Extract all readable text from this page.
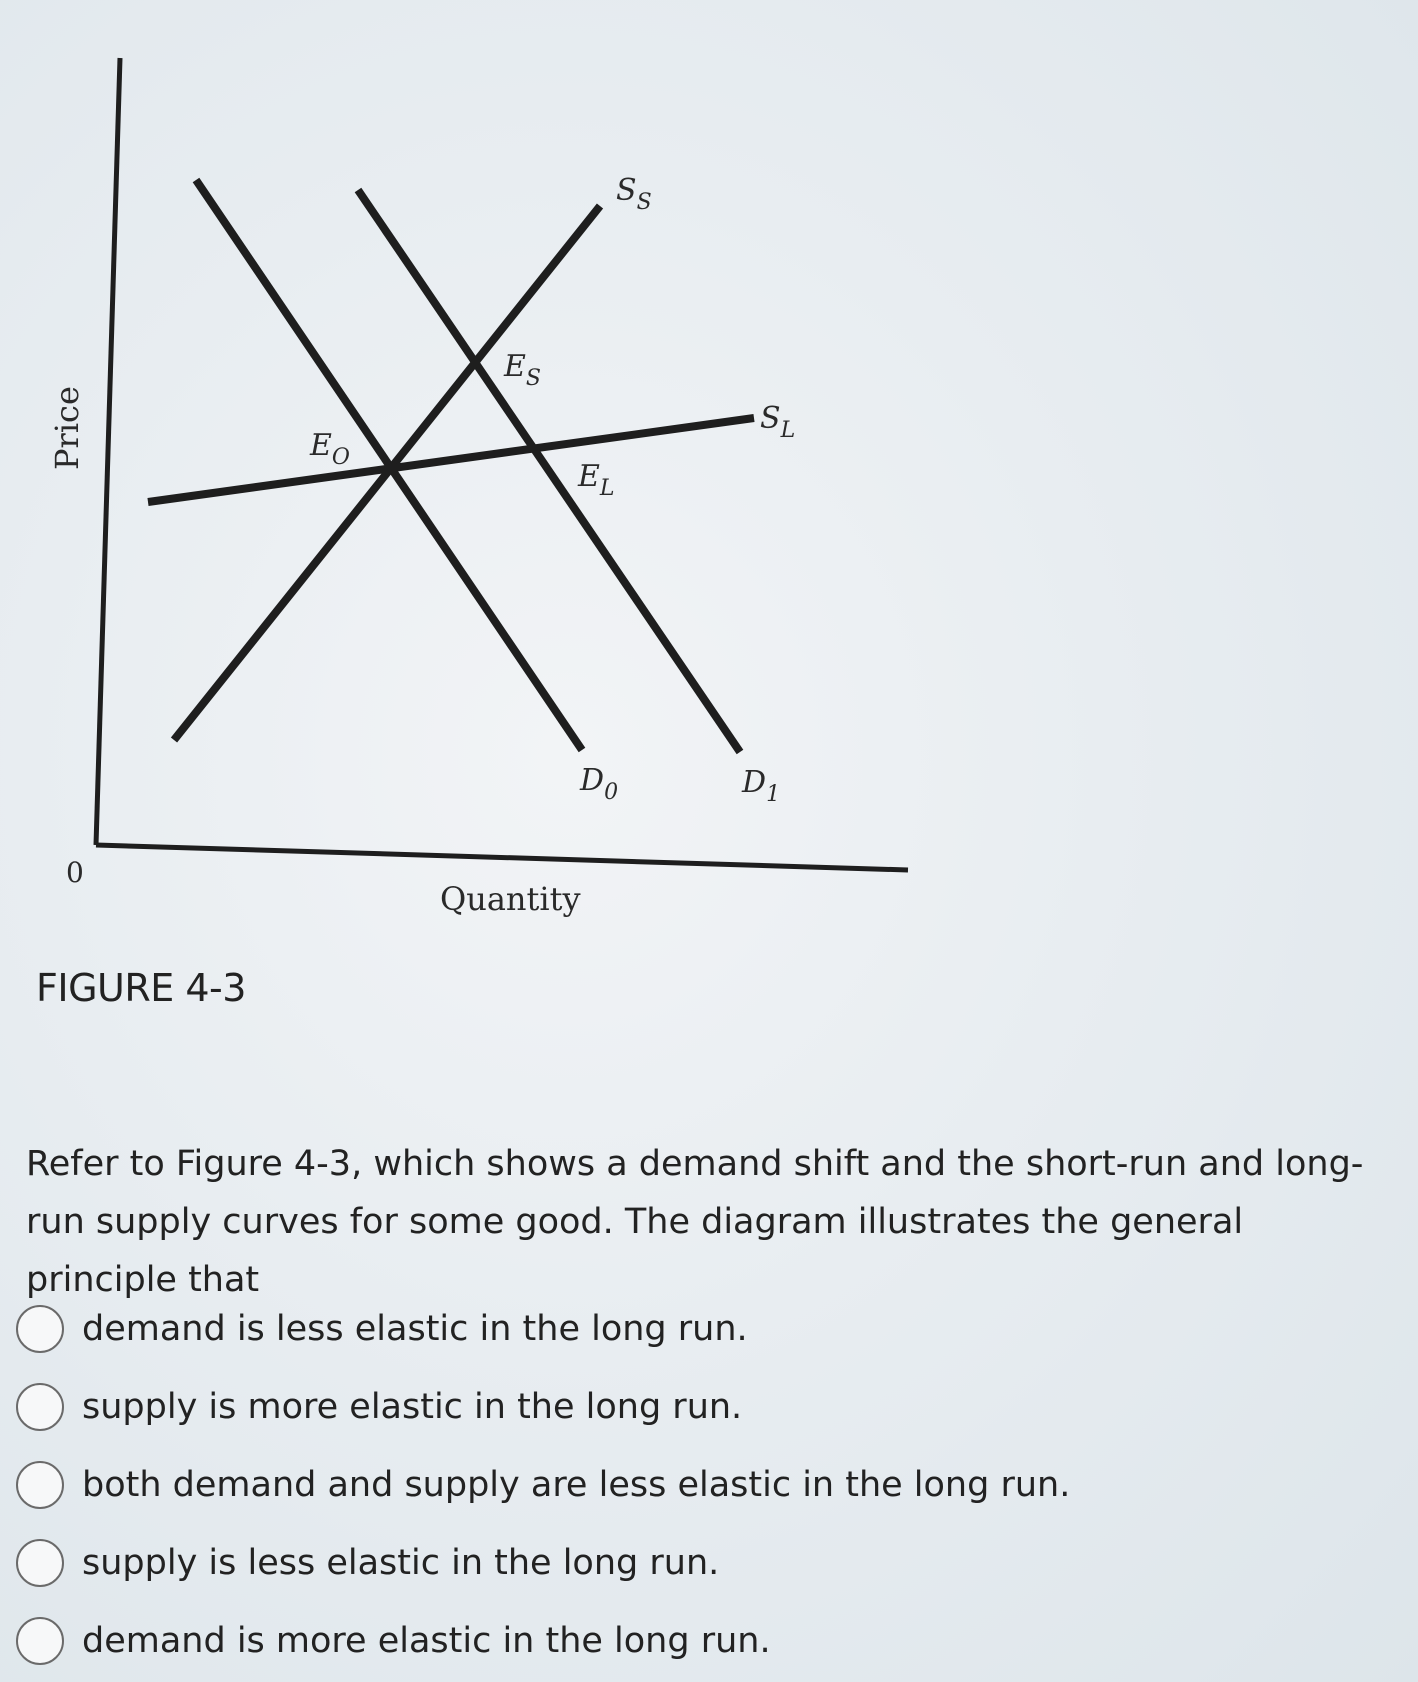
Price
Quantity
0
$S_S$
$S_L$
$D_0$	$D_1$
$E_O$
$E_S$
$E_L$
FIGURE 4-3
Refer to Figure 4-3, which shows a demand shift and the short-run and long-run supply curves for some good. The diagram illustrates the general principle that
demand is less elastic in the long run.
supply is more elastic in the long run.
both demand and supply are less elastic in the long run.
supply is less elastic in the long run.
demand is more elastic in the long run.
